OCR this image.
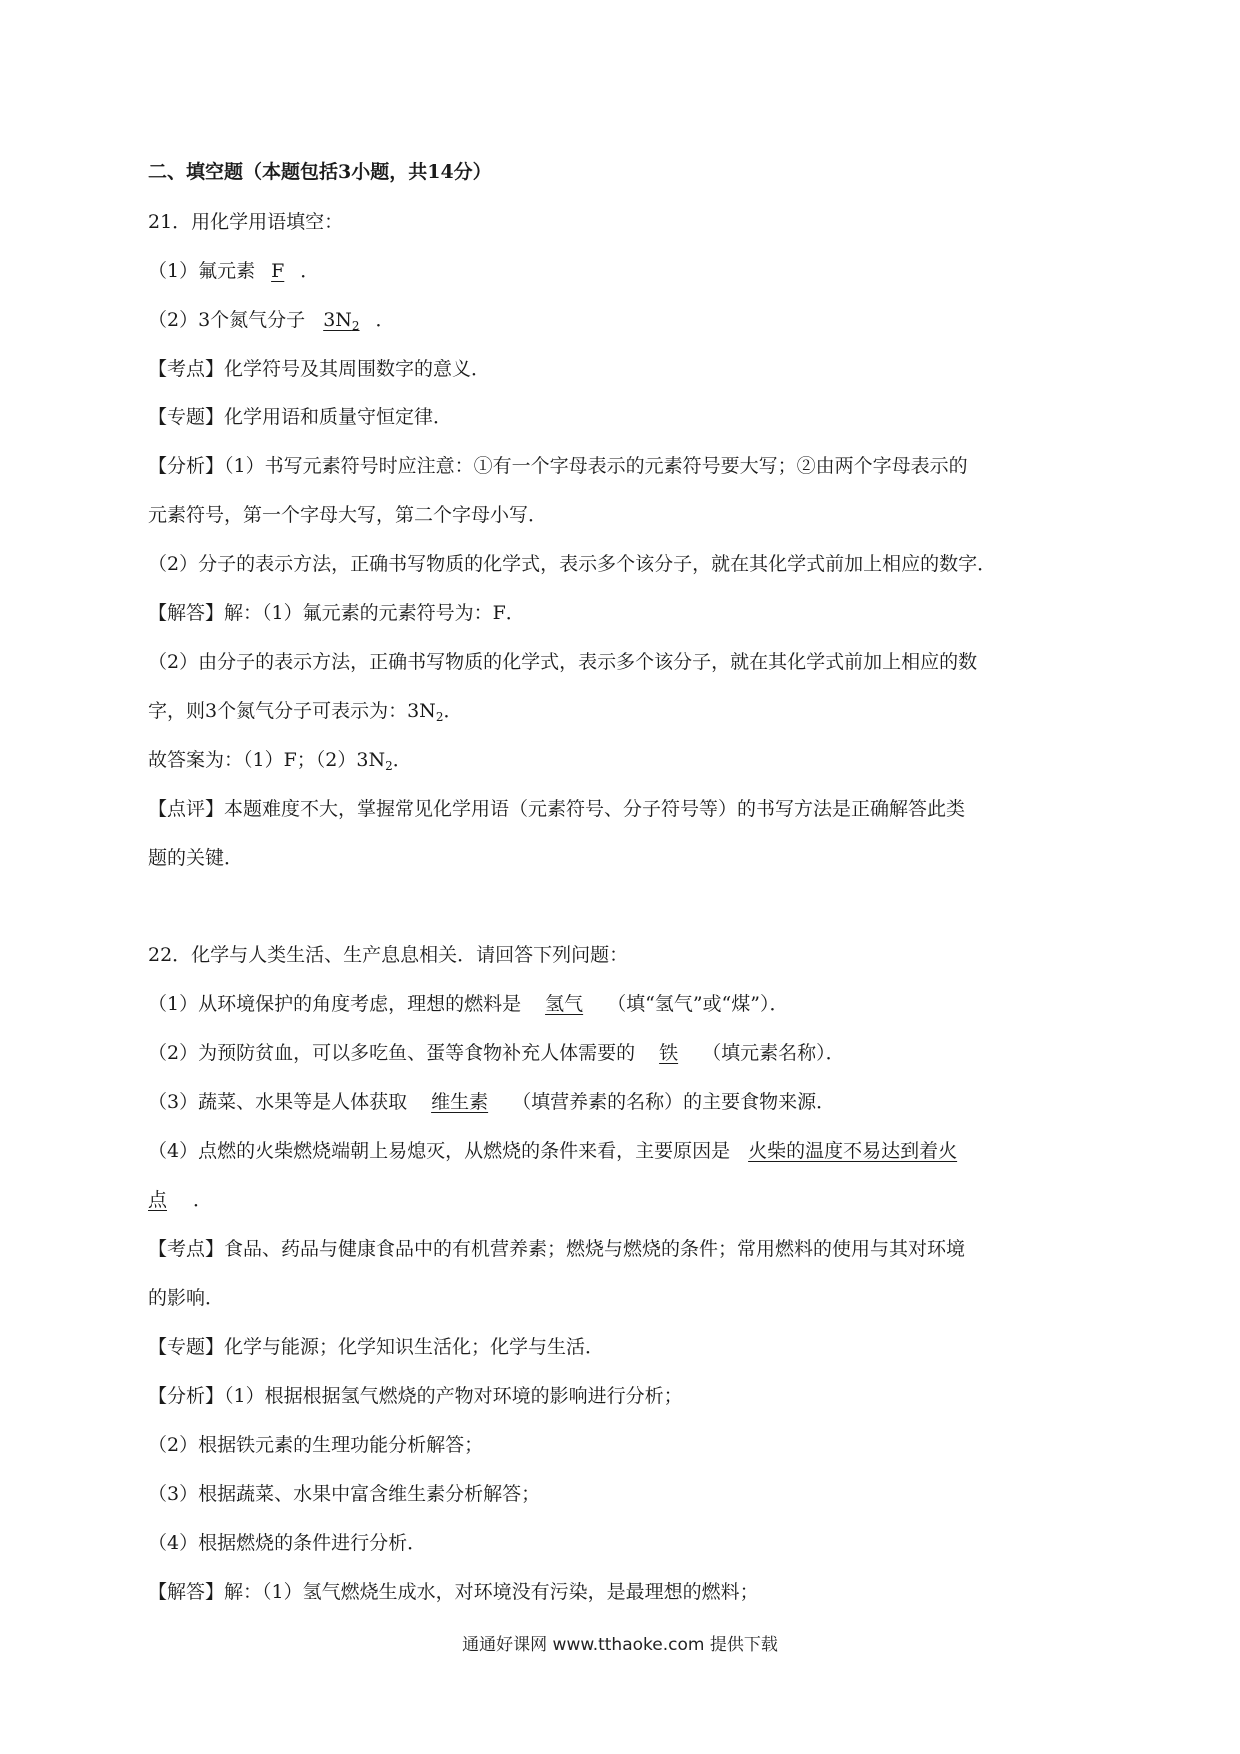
二、填空题（本题包括3小题，共14分）
21．用化学用语填空：
（1）氟元素 F ．
（2）3个氮气分子 $3N_2$ ．
【考点】化学符号及其周围数字的意义．
【专题】化学用语和质量守恒定律．
【分析】（1）书写元素符号时应注意：①有一个字母表示的元素符号要大写；②由两个字母表示的
元素符号，第一个字母大写，第二个字母小写．
（2）分子的表示方法，正确书写物质的化学式，表示多个该分子，就在其化学式前加上相应的数字．
【解答】解：（1）氟元素的元素符号为：F．
（2）由分子的表示方法，正确书写物质的化学式，表示多个该分子，就在其化学式前加上相应的数
字，则3个氮气分子可表示为：$3N_2$．
故答案为：（1）F；$(2)3N_2$．
【点评】本题难度不大，掌握常见化学用语（元素符号、分子符号等）的书写方法是正确解答此类
题的关键．
22．化学与人类生活、生产息息相关．请回答下列问题：
（1）从环境保护的角度考虑，理想的燃料是 氢气 （填“氢气”或“煤”）．
（2）为预防贫血，可以多吃鱼、蛋等食物补充人体需要的 铁 （填元素名称）．
（3）蔬菜、水果等是人体获取 维生素 （填营养素的名称）的主要食物来源．
（4）点燃的火柴燃烧端朝上易熄灭，从燃烧的条件来看，主要原因是 火柴的温度不易达到着火
点 ．
【考点】食品、药品与健康食品中的有机营养素；燃烧与燃烧的条件；常用燃料的使用与其对环境
的影响．
【专题】化学与能源；化学知识生活化；化学与生活．
【分析】（1）根据根据氢气燃烧的产物对环境的影响进行分析；
（2）根据铁元素的生理功能分析解答；
（3）根据蔬菜、水果中富含维生素分析解答；
（4）根据燃烧的条件进行分析．
【解答】解：（1）氢气燃烧生成水，对环境没有污染，是最理想的燃料；
通通好课网 www.tthaoke.com 提供下载
